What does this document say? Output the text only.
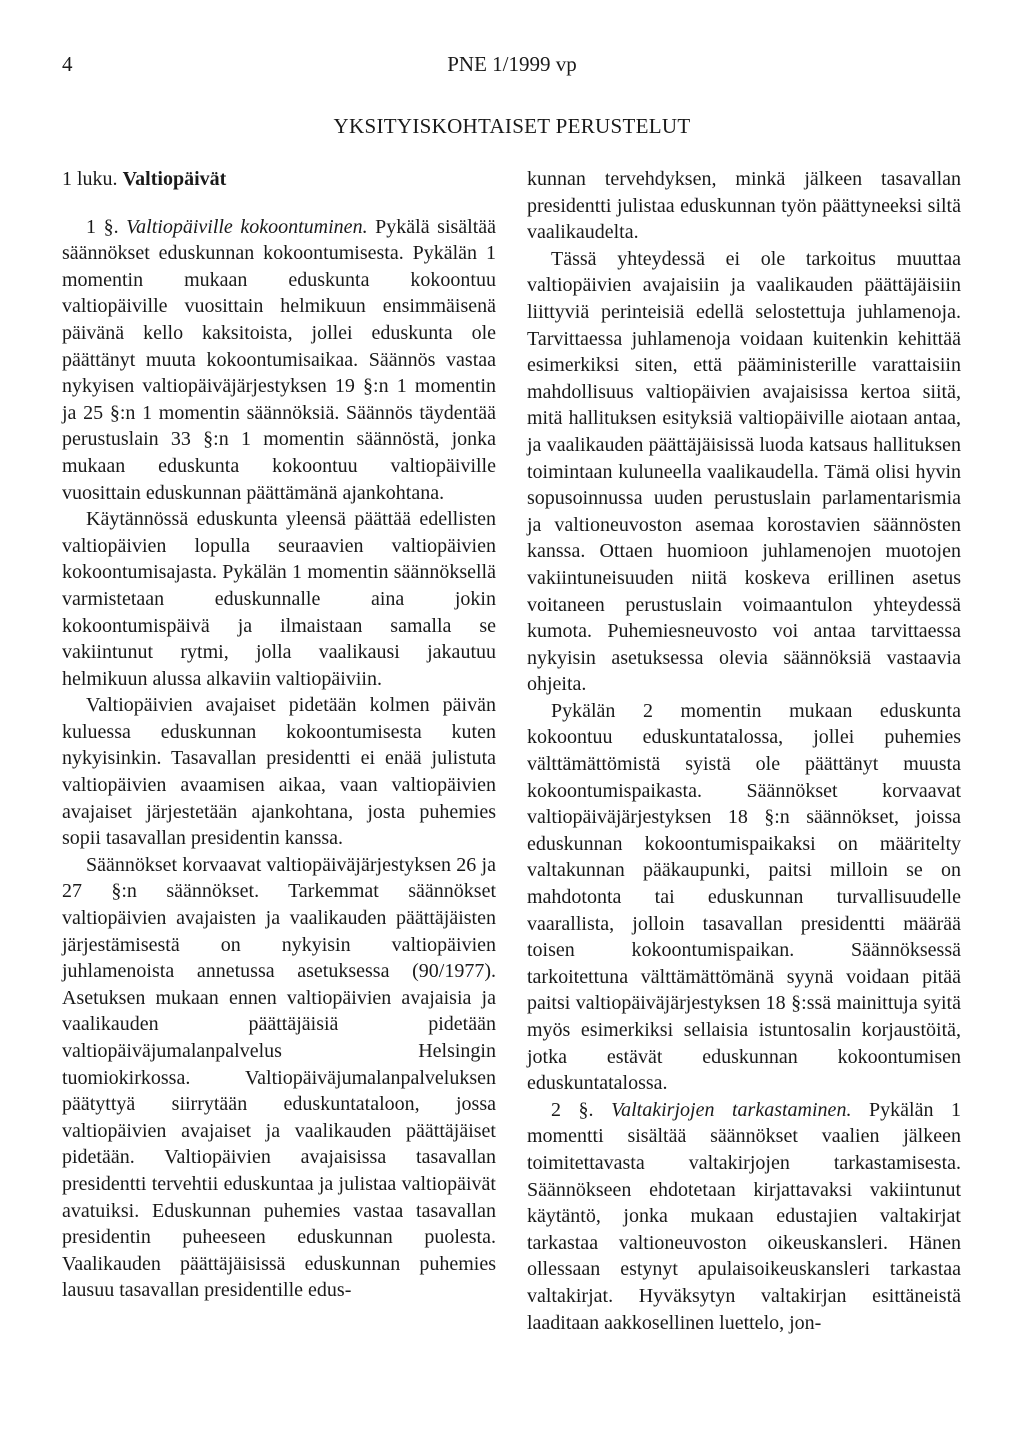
4	PNE 1/1999 vp
YKSITYISKOHTAISET PERUSTELUT
1 luku. Valtiopäivät

1 §. Valtiopäiville kokoontuminen. Pykälä sisältää säännökset eduskunnan kokoontumisesta. Pykälän 1 momentin mukaan eduskunta kokoontuu valtiopäiville vuosittain helmikuun ensimmäisenä päivänä kello kaksitoista, jollei eduskunta ole päättänyt muuta kokoontumisaikaa. Säännös vastaa nykyisen valtiopäiväjärjestyksen 19 §:n 1 momentin ja 25 §:n 1 momentin säännöksiä. Säännös täydentää perustuslain 33 §:n 1 momentin säännöstä, jonka mukaan eduskunta kokoontuu valtiopäiville vuosittain eduskunnan päättämänä ajankohtana.

Käytännössä eduskunta yleensä päättää edellisten valtiopäivien lopulla seuraavien valtiopäivien kokoontumisajasta. Pykälän 1 momentin säännöksellä varmistetaan eduskunnalle aina jokin kokoontumispäivä ja ilmaistaan samalla se vakiintunut rytmi, jolla vaalikausi jakautuu helmikuun alussa alkaviin valtiopäiviin.

Valtiopäivien avajaiset pidetään kolmen päivän kuluessa eduskunnan kokoontumisesta kuten nykyisinkin. Tasavallan presidentti ei enää julistuta valtiopäivien avaamisen aikaa, vaan valtiopäivien avajaiset järjestetään ajankohtana, josta puhemies sopii tasavallan presidentin kanssa.

Säännökset korvaavat valtiopäiväjärjestyksen 26 ja 27 §:n säännökset. Tarkemmat säännökset valtiopäivien avajaisten ja vaalikauden päättäjäisten järjestämisestä on nykyisin valtiopäivien juhlamenoista annetussa asetuksessa (90/1977). Asetuksen mukaan ennen valtiopäivien avajaisia ja vaalikauden päättäjäisiä pidetään valtiopäiväjumalanpalvelus Helsingin tuomiokirkossa. Valtiopäiväjumalanpalveluksen päätyttyä siirrytään eduskuntataloon, jossa valtiopäivien avajaiset ja vaalikauden päättäjäiset pidetään. Valtiopäivien avajaisissa tasavallan presidentti tervehtii eduskuntaa ja julistaa valtiopäivät avatuiksi. Eduskunnan puhemies vastaa tasavallan presidentin puheeseen eduskunnan puolesta. Vaalikauden päättäjäisissä eduskunnan puhemies lausuu tasavallan presidentille edus-

kunnan tervehdyksen, minkä jälkeen tasavallan presidentti julistaa eduskunnan työn päättyneeksi siltä vaalikaudelta.

Tässä yhteydessä ei ole tarkoitus muuttaa valtiopäivien avajaisiin ja vaalikauden päättäjäisiin liittyviä perinteisiä edellä selostettuja juhlamenoja. Tarvittaessa juhlamenoja voidaan kuitenkin kehittää esimerkiksi siten, että pääministerille varattaisiin mahdollisuus valtiopäivien avajaisissa kertoa siitä, mitä hallituksen esityksiä valtiopäiville aiotaan antaa, ja vaalikauden päättäjäisissä luoda katsaus hallituksen toimintaan kuluneella vaalikaudella. Tämä olisi hyvin sopusoinnussa uuden perustuslain parlamentarismia ja valtioneuvoston asemaa korostavien säännösten kanssa. Ottaen huomioon juhlamenojen muotojen vakiintuneisuuden niitä koskeva erillinen asetus voitaneen perustuslain voimaantulon yhteydessä kumota. Puhemiesneuvosto voi antaa tarvittaessa nykyisin asetuksessa olevia säännöksiä vastaavia ohjeita.

Pykälän 2 momentin mukaan eduskunta kokoontuu eduskuntatalossa, jollei puhemies välttämättömistä syistä ole päättänyt muusta kokoontumispaikasta. Säännökset korvaavat valtiopäiväjärjestyksen 18 §:n säännökset, joissa eduskunnan kokoontumispaikaksi on määritelty valtakunnan pääkaupunki, paitsi milloin se on mahdotonta tai eduskunnan turvallisuudelle vaarallista, jolloin tasavallan presidentti määrää toisen kokoontumispaikan. Säännöksessä tarkoitettuna välttämättömänä syynä voidaan pitää paitsi valtiopäiväjärjestyksen 18 §:ssä mainittuja syitä myös esimerkiksi sellaisia istuntosalin korjaustöitä, jotka estävät eduskunnan kokoontumisen eduskuntatalossa.

2 §. Valtakirjojen tarkastaminen. Pykälän 1 momentti sisältää säännökset vaalien jälkeen toimitettavasta valtakirjojen tarkastamisesta. Säännökseen ehdotetaan kirjattavaksi vakiintunut käytäntö, jonka mukaan edustajien valtakirjat tarkastaa valtioneuvoston oikeuskansleri. Hänen ollessaan estynyt apulaisoikeuskansleri tarkastaa valtakirjat. Hyväksytyn valtakirjan esittäneistä laaditaan aakkosellinen luettelo, jon-
